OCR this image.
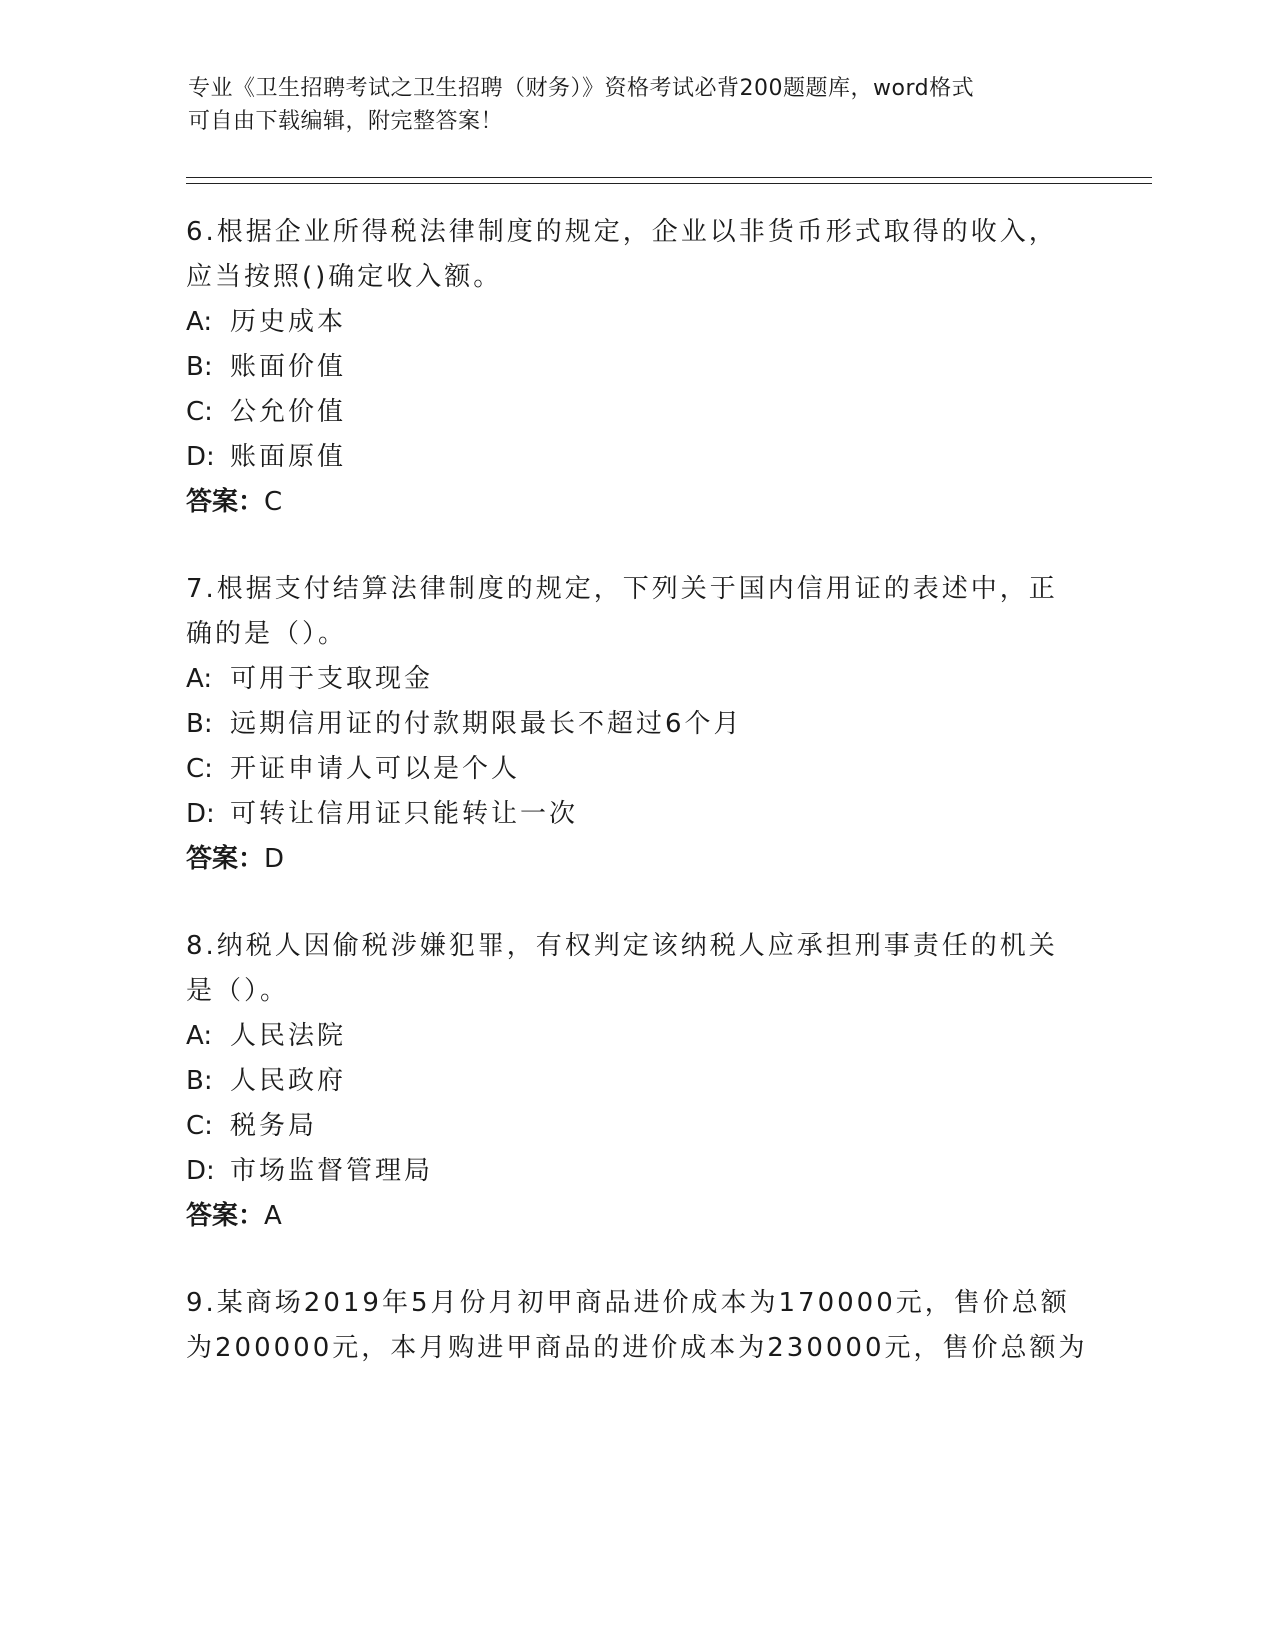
专业《卫生招聘考试之卫生招聘（财务）》资格考试必背200题题库，word格式
可自由下载编辑，附完整答案！
6.根据企业所得税法律制度的规定，企业以非货币形式取得的收入，
应当按照()确定收入额。
A: 历史成本
B: 账面价值
C: 公允价值
D: 账面原值
答案：C
7.根据支付结算法律制度的规定，下列关于国内信用证的表述中，正
确的是（）。
A: 可用于支取现金
B: 远期信用证的付款期限最长不超过6个月
C: 开证申请人可以是个人
D: 可转让信用证只能转让一次
答案：D
8.纳税人因偷税涉嫌犯罪，有权判定该纳税人应承担刑事责任的机关
是（）。
A: 人民法院
B: 人民政府
C: 税务局
D: 市场监督管理局
答案：A
9.某商场2019年5月份月初甲商品进价成本为170000元，售价总额
为200000元，本月购进甲商品的进价成本为230000元，售价总额为
